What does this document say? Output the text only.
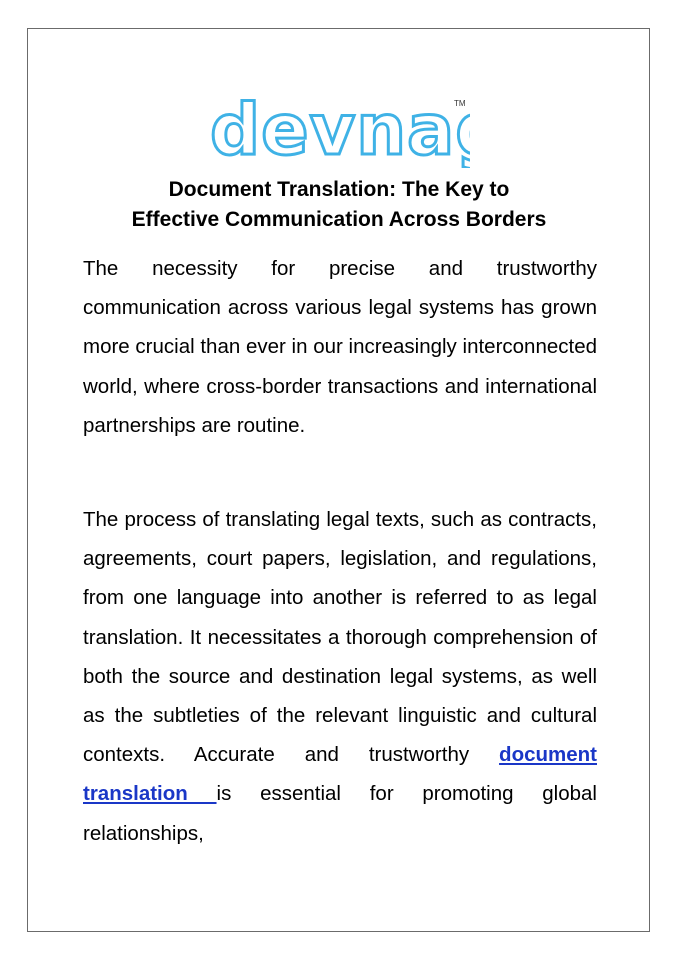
devna
TM
Document Translation: The Key to
Effective Communication Across Borders

The necessity for precise and trustworthy communication across various legal systems has grown more crucial than ever in our increasingly interconnected world, where cross-border transactions and international partnerships are routine.

The process of translating legal texts, such as contracts, agreements, court papers, legislation, and regulations, from one language into another is referred to as legal translation. It necessitates a thorough comprehension of both the source and destination legal systems, as well as the subtleties of the relevant linguistic and cultural contexts. Accurate and trustworthy document translation is essential for promoting global relationships,
